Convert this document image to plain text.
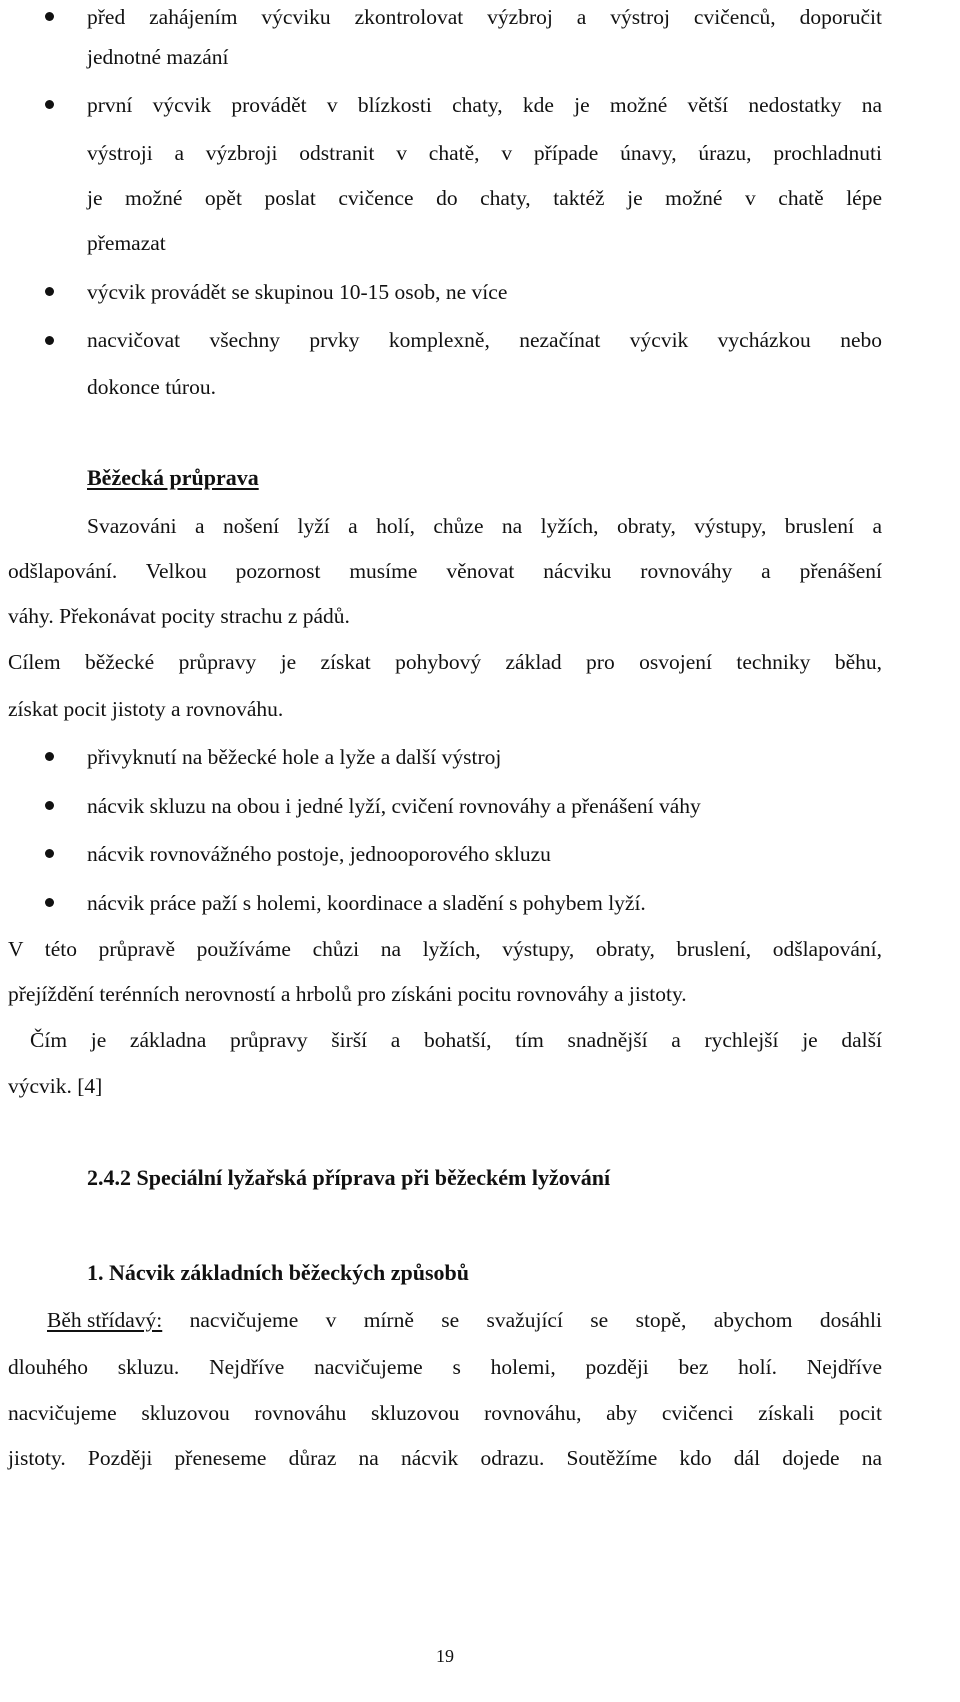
před zahájením výcviku zkontrolovat výzbroj a výstroj cvičenců, doporučit

jednotné mazání

první výcvik provádět v blízkosti chaty, kde je možné větší nedostatky na

výstroji a výzbroji odstranit v chatě, v případe únavy, úrazu, prochladnuti

je možné opět poslat cvičence do chaty, taktéž je možné v chatě lépe

přemazat

výcvik provádět se skupinou 10-15 osob, ne více

nacvičovat všechny prvky komplexně, nezačínat výcvik vycházkou nebo

dokonce túrou.

Běžecká průprava

Svazováni a nošení lyží a holí, chůze na lyžích, obraty, výstupy, bruslení a

odšlapování. Velkou pozornost musíme věnovat nácviku rovnováhy a přenášení

váhy. Překonávat pocity strachu z pádů.

Cílem běžecké průpravy je získat pohybový základ pro osvojení techniky běhu,

získat pocit jistoty a rovnováhu.

přivyknutí na běžecké hole a lyže a další výstroj

nácvik skluzu na obou i jedné lyží, cvičení rovnováhy a přenášení váhy

nácvik rovnovážného postoje, jednooporového skluzu

nácvik práce paží s holemi, koordinace a sladění s pohybem lyží.

V této průpravě používáme chůzi na lyžích, výstupy, obraty, bruslení, odšlapování,

přejíždění terénních nerovností a hrbolů pro získáni pocitu rovnováhy a jistoty.

Čím je základna průpravy širší a bohatší, tím snadnější a rychlejší je další

výcvik. [4]

2.4.2 Speciální lyžařská příprava při běžeckém lyžování

1. Nácvik základních běžeckých způsobů

Běh střídavý: nacvičujeme v mírně se svažující se stopě, abychom dosáhli

dlouhého skluzu. Nejdříve nacvičujeme s holemi, později bez holí. Nejdříve

nacvičujeme skluzovou rovnováhu skluzovou rovnováhu, aby cvičenci získali pocit

jistoty. Později přeneseme důraz na nácvik odrazu. Soutěžíme kdo dál dojede na

19
